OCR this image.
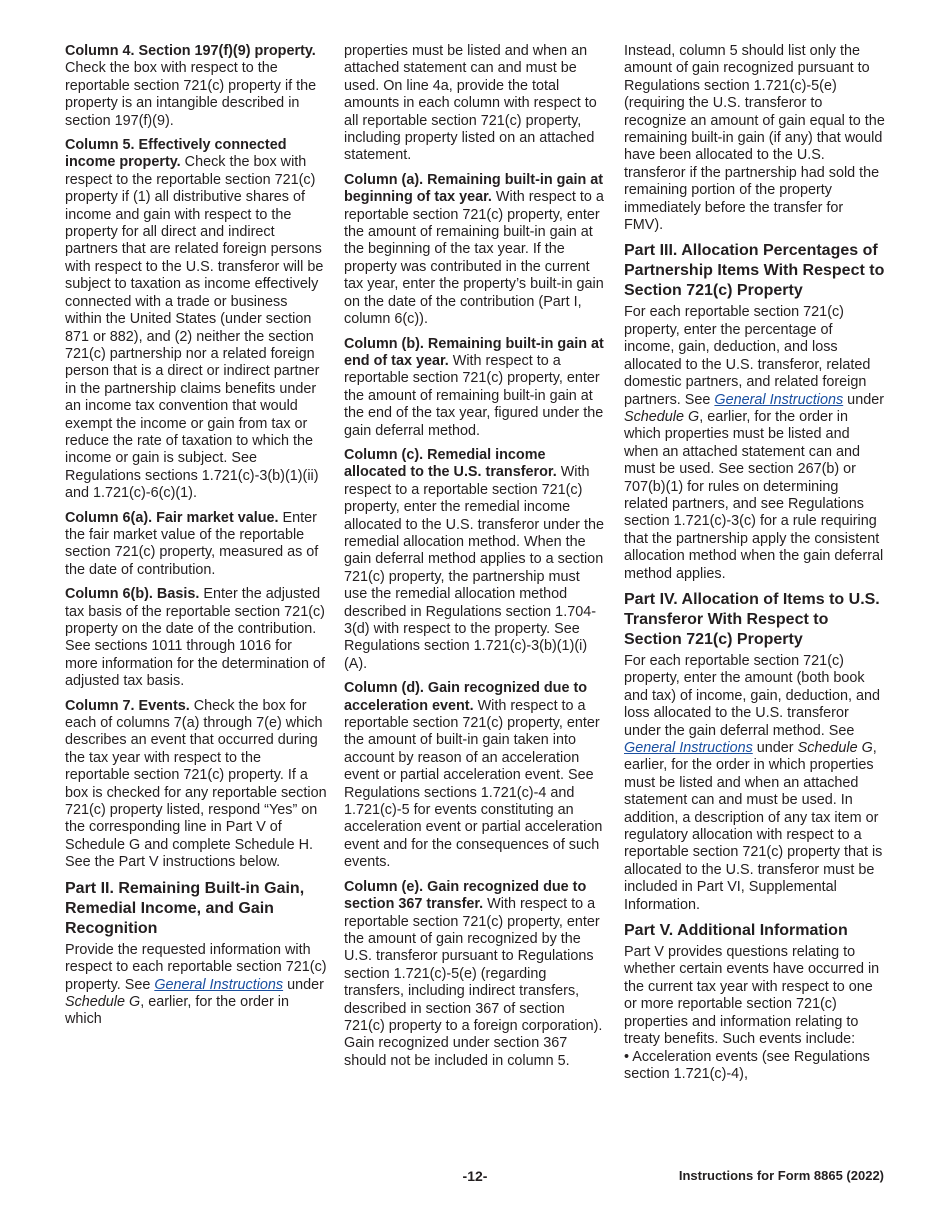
Column 4. Section 197(f)(9) property. Check the box with respect to the reportable section 721(c) property if the property is an intangible described in section 197(f)(9).
Column 5. Effectively connected income property. Check the box with respect to the reportable section 721(c) property if (1) all distributive shares of income and gain with respect to the property for all direct and indirect partners that are related foreign persons with respect to the U.S. transferor will be subject to taxation as income effectively connected with a trade or business within the United States (under section 871 or 882), and (2) neither the section 721(c) partnership nor a related foreign person that is a direct or indirect partner in the partnership claims benefits under an income tax convention that would exempt the income or gain from tax or reduce the rate of taxation to which the income or gain is subject. See Regulations sections 1.721(c)-3(b)(1)(ii) and 1.721(c)-6(c)(1).
Column 6(a). Fair market value. Enter the fair market value of the reportable section 721(c) property, measured as of the date of contribution.
Column 6(b). Basis. Enter the adjusted tax basis of the reportable section 721(c) property on the date of the contribution. See sections 1011 through 1016 for more information for the determination of adjusted tax basis.
Column 7. Events. Check the box for each of columns 7(a) through 7(e) which describes an event that occurred during the tax year with respect to the reportable section 721(c) property. If a box is checked for any reportable section 721(c) property listed, respond “Yes” on the corresponding line in Part V of Schedule G and complete Schedule H. See the Part V instructions below.
Part II. Remaining Built-in Gain, Remedial Income, and Gain Recognition
Provide the requested information with respect to each reportable section 721(c) property. See General Instructions under Schedule G, earlier, for the order in which
properties must be listed and when an attached statement can and must be used. On line 4a, provide the total amounts in each column with respect to all reportable section 721(c) property, including property listed on an attached statement.
Column (a). Remaining built-in gain at beginning of tax year. With respect to a reportable section 721(c) property, enter the amount of remaining built-in gain at the beginning of the tax year. If the property was contributed in the current tax year, enter the property’s built-in gain on the date of the contribution (Part I, column 6(c)).
Column (b). Remaining built-in gain at end of tax year. With respect to a reportable section 721(c) property, enter the amount of remaining built-in gain at the end of the tax year, figured under the gain deferral method.
Column (c). Remedial income allocated to the U.S. transferor. With respect to a reportable section 721(c) property, enter the remedial income allocated to the U.S. transferor under the remedial allocation method. When the gain deferral method applies to a section 721(c) property, the partnership must use the remedial allocation method described in Regulations section 1.704-3(d) with respect to the property. See Regulations section 1.721(c)-3(b)(1)(i)(A).
Column (d). Gain recognized due to acceleration event. With respect to a reportable section 721(c) property, enter the amount of built-in gain taken into account by reason of an acceleration event or partial acceleration event. See Regulations sections 1.721(c)-4 and 1.721(c)-5 for events constituting an acceleration event or partial acceleration event and for the consequences of such events.
Column (e). Gain recognized due to section 367 transfer. With respect to a reportable section 721(c) property, enter the amount of gain recognized by the U.S. transferor pursuant to Regulations section 1.721(c)-5(e) (regarding transfers, including indirect transfers, described in section 367 of section 721(c) property to a foreign corporation). Gain recognized under section 367 should not be included in column 5.
Instead, column 5 should list only the amount of gain recognized pursuant to Regulations section 1.721(c)-5(e) (requiring the U.S. transferor to recognize an amount of gain equal to the remaining built-in gain (if any) that would have been allocated to the U.S. transferor if the partnership had sold the remaining portion of the property immediately before the transfer for FMV).
Part III. Allocation Percentages of Partnership Items With Respect to Section 721(c) Property
For each reportable section 721(c) property, enter the percentage of income, gain, deduction, and loss allocated to the U.S. transferor, related domestic partners, and related foreign partners. See General Instructions under Schedule G, earlier, for the order in which properties must be listed and when an attached statement can and must be used. See section 267(b) or 707(b)(1) for rules on determining related partners, and see Regulations section 1.721(c)-3(c) for a rule requiring that the partnership apply the consistent allocation method when the gain deferral method applies.
Part IV. Allocation of Items to U.S. Transferor With Respect to Section 721(c) Property
For each reportable section 721(c) property, enter the amount (both book and tax) of income, gain, deduction, and loss allocated to the U.S. transferor under the gain deferral method. See General Instructions under Schedule G, earlier, for the order in which properties must be listed and when an attached statement can and must be used. In addition, a description of any tax item or regulatory allocation with respect to a reportable section 721(c) property that is allocated to the U.S. transferor must be included in Part VI, Supplemental Information.
Part V. Additional Information
Part V provides questions relating to whether certain events have occurred in the current tax year with respect to one or more reportable section 721(c) properties and information relating to treaty benefits. Such events include:
• Acceleration events (see Regulations section 1.721(c)-4),
-12-	Instructions for Form 8865 (2022)
